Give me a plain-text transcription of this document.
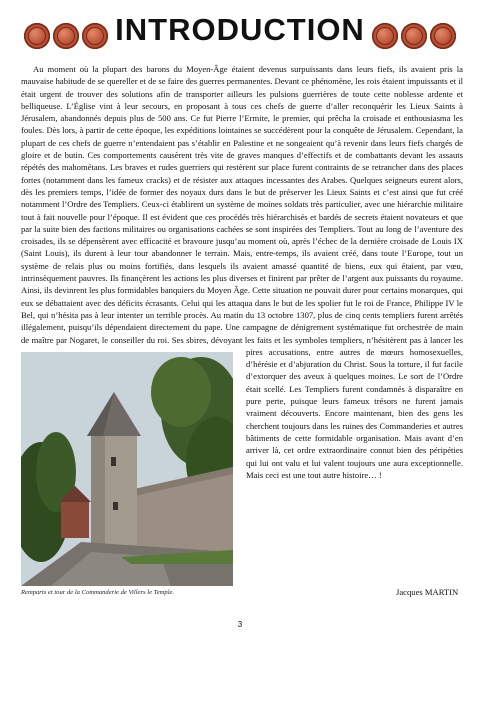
INTRODUCTION

Au moment où la plupart des barons du Moyen-Âge étaient devenus surpuissants dans leurs fiefs, ils avaient pris la mauvaise habitude de se quereller et de se faire des guerres permanentes. Devant ce phénomène, les rois étaient impuissants et il était urgent de trouver des solutions afin de transporter ailleurs les pulsions guerrières de toute cette noblesse ardente et belliqueuse. L’Église vint à leur secours, en proposant à tous ces chefs de guerre d’aller reconquérir les Lieux Saints à Jérusalem, abandonnés depuis plus de 500 ans. Ce fut Pierre l’Ermite, le premier, qui prêcha la croisade et enthousiasma les foules. Dès lors, à partir de cette époque, les expéditions lointaines se succédèrent pour la conquête de Jérusalem. Cependant, la plupart de ces chefs de guerre n’entendaient pas s’établir en Palestine et ne songeaient qu’à revenir dans leurs fiefs chargés de gloire et de butin. Ces comportements causèrent très vite de graves manques d’effectifs et de combattants devant les assauts répétés des mahométans. Les braves et rudes guerriers qui restèrent sur place furent contraints de se retrancher dans des places fortes (notamment dans les fameux cracks) et de résister aux attaques incessantes des Arabes. Quelques seigneurs eurent alors, dès les premiers temps, l’idée de former des noyaux durs dans le but de préserver les Lieux Saints et c’est ainsi que fut créé notamment l’Ordre des Templiers. Ceux-ci établirent un système de moines soldats très particulier, avec une hiérarchie militaire tout à fait nouvelle pour l’époque. Il est évident que ces procédés très hiérarchisés et bardés de secrets étaient novateurs et que par la suite bien des factions militaires ou organisations cachées se sont inspirées des Templiers. Tout au long de l’aventure des croisades, ils se dépensèrent avec efficacité et bravoure jusqu’au moment où, après l’échec de la dernière croisade de Louis IX (Saint Louis), ils durent à leur tour abandonner le terrain. Mais, entre-temps, ils avaient créé, dans toute l’Europe, tout un système de relais plus ou moins fortifiés, dans lesquels ils avaient amassé quantité de biens, eux qui étaient, par vœu, intrinsèquement pauvres. Ils finançèrent les actions les plus diverses et finirent par prêter de l’argent aux puissants du royaume. Ainsi, ils devinrent les plus formidables banquiers du Moyen Âge. Cette situation ne pouvait durer pour certains monarques, qui eux se débattaient avec des déficits écrasants. Celui qui les attaqua dans le but de les spolier fut le roi de France, Philippe IV le Bel, qui n’hésita pas à leur intenter un terrible procès. Au matin du 13 octobre 1307, plus de cinq cents templiers furent arrêtés illégalement, puisqu’ils dépendaient directement du pape. Une campagne de dénigrement systématique fut orchestrée de main de maître par Nogaret, le conseiller du roi. Ses sbires, dévoyant les faits et les symboles templiers, n’hésitèrent pas à lancer les pires accusations, entre autres de mœurs homosexuelles, d’hérésie et d’abjuration du Christ. Sous la torture, il fut facile d’extorquer des aveux à quelques moines. Le sort de l’Ordre était scellé. Les Templiers furent condamnés à disparaître en pure perte, puisque leurs fameux trésors ne furent jamais vraiment découverts. Encore maintenant, bien des gens les cherchent toujours dans les ruines des Commanderies et autres bâtiments de cette formidable organisation. Mais avant d’en arriver là, cet ordre extraordinaire connut bien des péripéties qui lui ont valu et lui valent toujours une aura exceptionnelle. Mais ceci est une tout autre histoire… !

Remparts et tour de la Commanderie de Villers le Temple.	Jacques MARTIN
3
